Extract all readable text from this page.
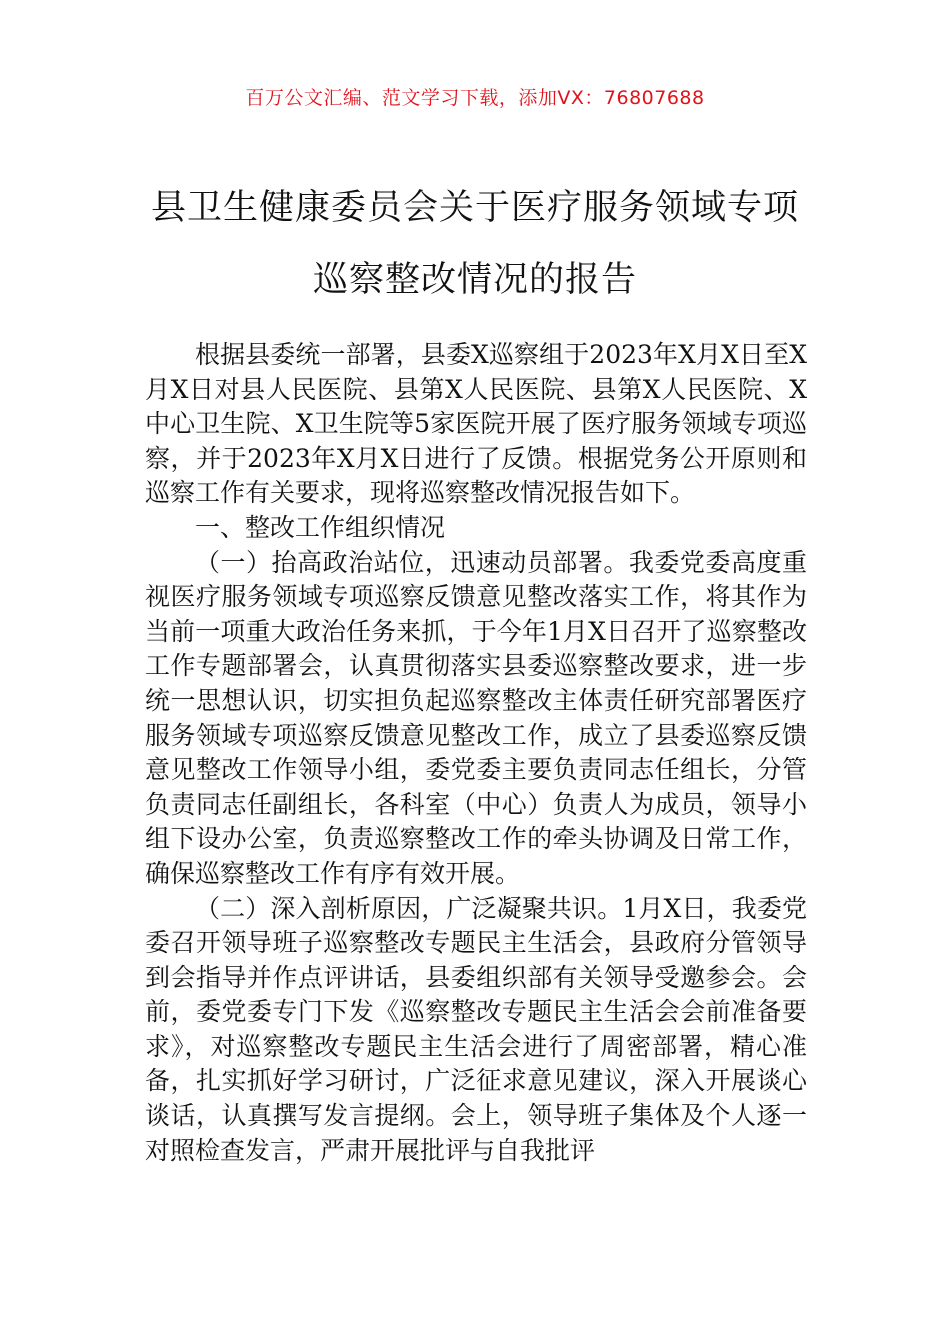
百万公文汇编、范文学习下载，添加VX：76807688
县卫生健康委员会关于医疗服务领域专项
巡察整改情况的报告

根据县委统一部署，县委X巡察组于2023年X月X日至X月X日对县人民医院、县第X人民医院、县第X人民医院、X中心卫生院、X卫生院等5家医院开展了医疗服务领域专项巡察，并于2023年X月X日进行了反馈。根据党务公开原则和巡察工作有关要求，现将巡察整改情况报告如下。

一、整改工作组织情况

（一）抬高政治站位，迅速动员部署。我委党委高度重视医疗服务领域专项巡察反馈意见整改落实工作，将其作为当前一项重大政治任务来抓，于今年1月X日召开了巡察整改工作专题部署会，认真贯彻落实县委巡察整改要求，进一步统一思想认识，切实担负起巡察整改主体责任研究部署医疗服务领域专项巡察反馈意见整改工作，成立了县委巡察反馈意见整改工作领导小组，委党委主要负责同志任组长，分管负责同志任副组长，各科室（中心）负责人为成员，领导小组下设办公室，负责巡察整改工作的牵头协调及日常工作，确保巡察整改工作有序有效开展。

（二）深入剖析原因，广泛凝聚共识。1月X日，我委党委召开领导班子巡察整改专题民主生活会，县政府分管领导到会指导并作点评讲话，县委组织部有关领导受邀参会。会前，委党委专门下发《巡察整改专题民主生活会会前准备要求》，对巡察整改专题民主生活会进行了周密部署，精心准备，扎实抓好学习研讨，广泛征求意见建议，深入开展谈心谈话，认真撰写发言提纲。会上，领导班子集体及个人逐一对照检查发言，严肃开展批评与自我批评
